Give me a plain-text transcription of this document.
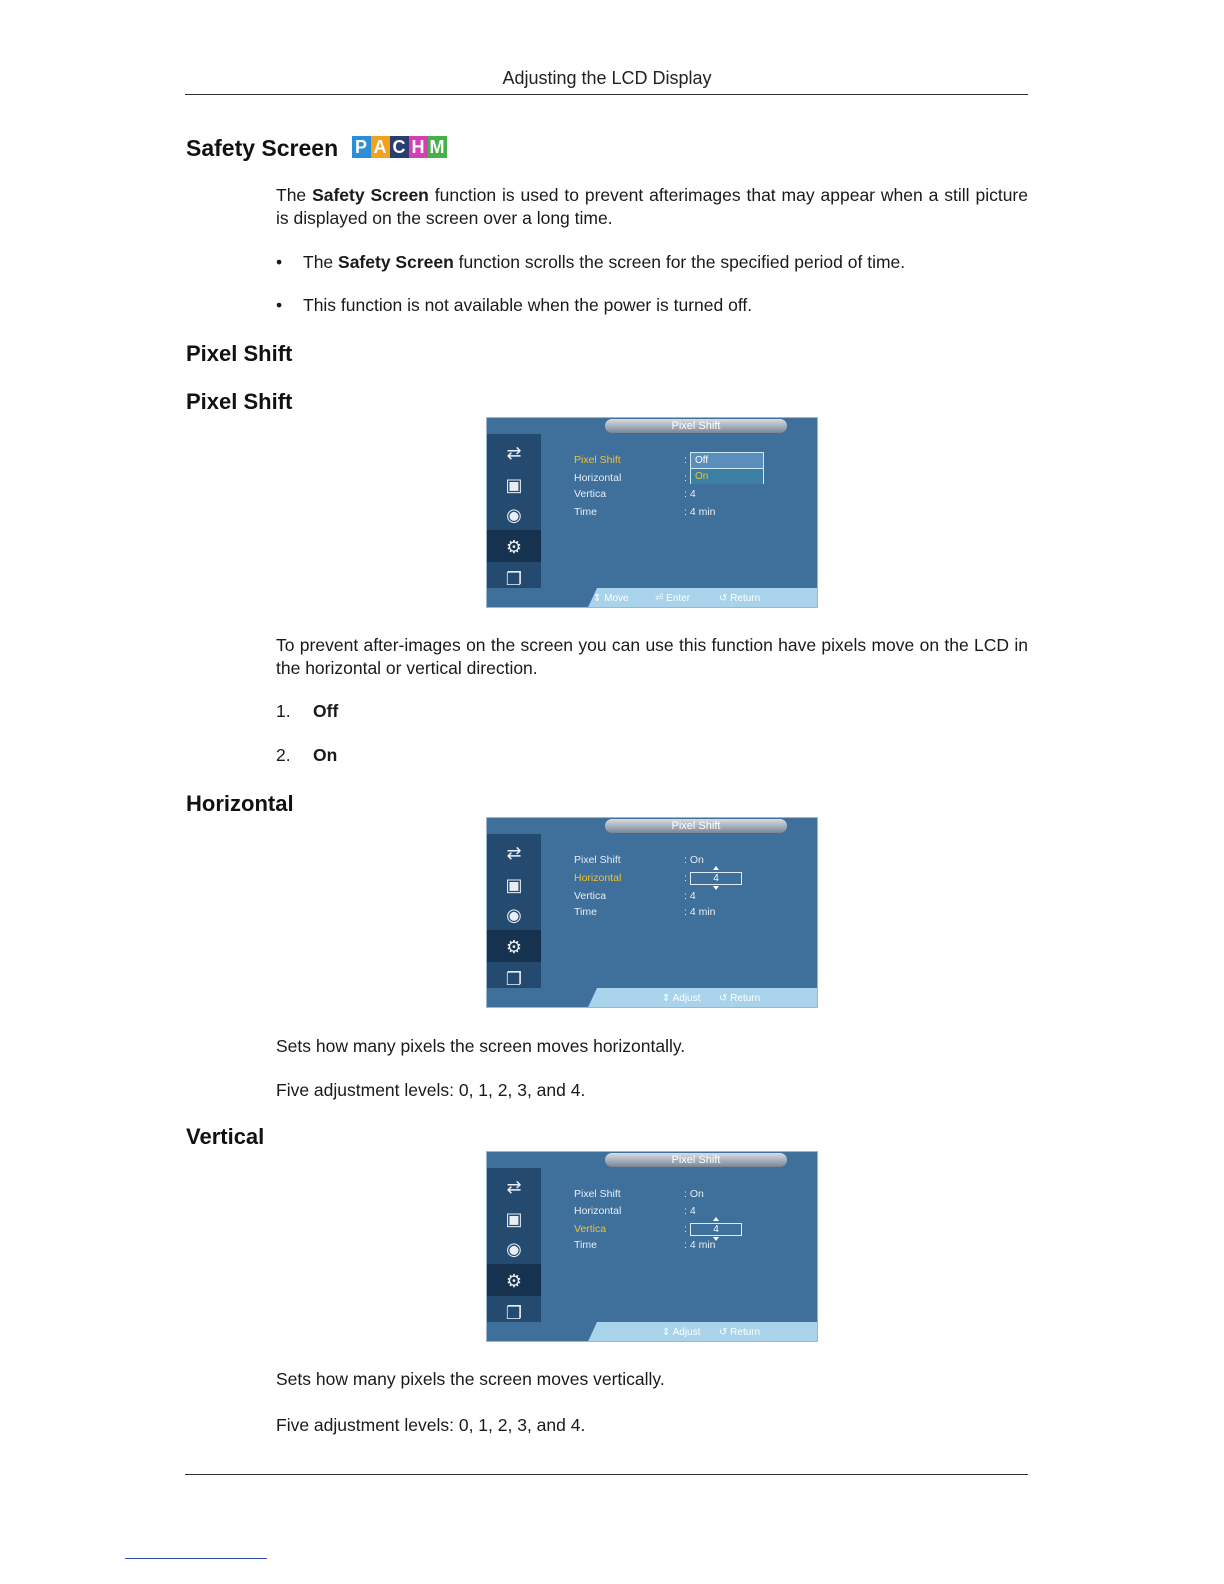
Adjusting the LCD Display
Safety Screen P A C H M
The Safety Screen function is used to prevent afterimages that may appear when a still picture is displayed on the screen over a long time.
• The Safety Screen function scrolls the screen for the specified period of time.
• This function is not available when the power is turned off.
Pixel Shift
Pixel Shift
Pixel Shift
⇄
▣
◉
⚙
❐
Pixel Shift
Horizontal
Vertica
Time
:
:
: 4
: 4 min
Off
On
⇕ Move	⏎ Enter	↺ Return
To prevent after-images on the screen you can use this function have pixels move on the LCD in the horizontal or vertical direction.
1. Off
2. On
Horizontal
Pixel Shift
⇄
▣
◉
⚙
❐
Pixel Shift
Horizontal
Vertica
Time
: On
:
: 4
: 4 min
4
⇕ Adjust ↺ Return
Sets how many pixels the screen moves horizontally.
Five adjustment levels: 0, 1, 2, 3, and 4.
Vertical
Pixel Shift
⇄
▣
◉
⚙
❐
Pixel Shift
Horizontal
Vertica
Time
: On
: 4
:
: 4 min
4
⇕ Adjust ↺ Return
Sets how many pixels the screen moves vertically.
Five adjustment levels: 0, 1, 2, 3, and 4.
